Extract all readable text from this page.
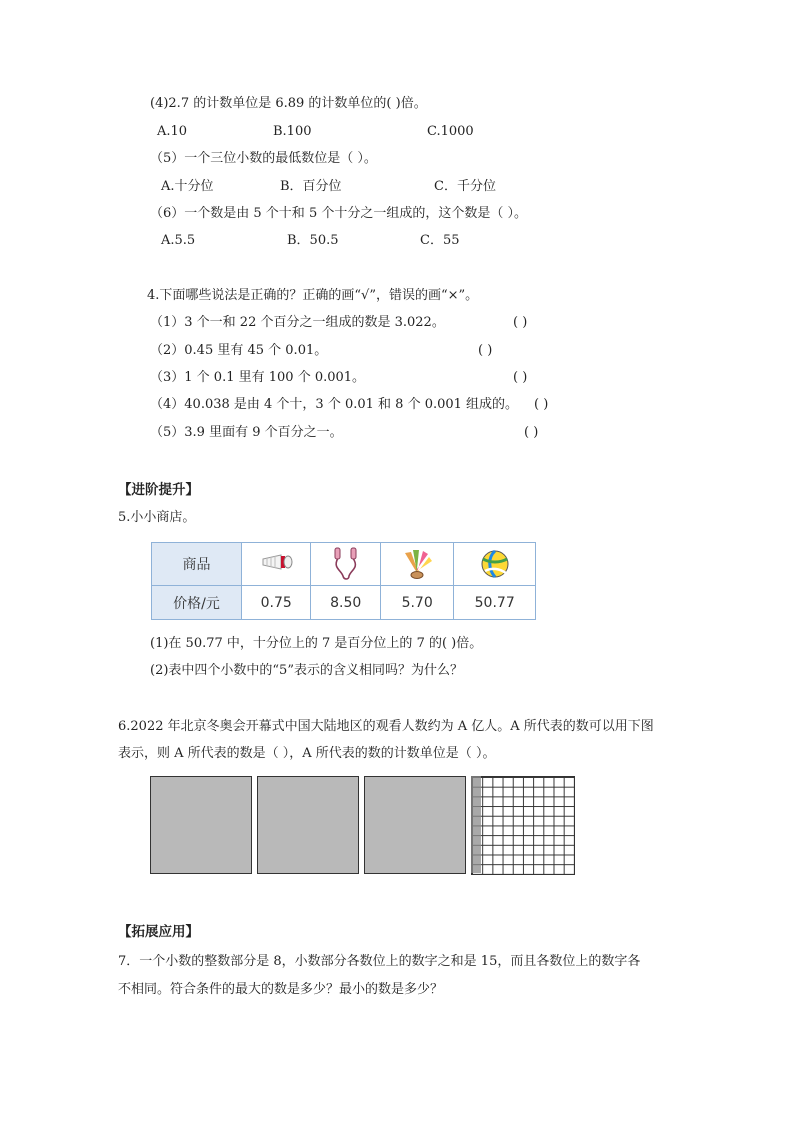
(4)2.7 的计数单位是 6.89 的计数单位的( )倍。
A.10	B.100	C.1000
（5）一个三位小数的最低数位是（ ）。
A.十分位	B．百分位	C．千分位
（6）一个数是由 5 个十和 5 个十分之一组成的，这个数是（ ）。
A.5.5	B．50.5	C．55
4.下面哪些说法是正确的？正确的画“√”，错误的画“×”。
（1）3 个一和 22 个百分之一组成的数是 3.022。	( )
（2）0.45 里有 45 个 0.01。	( )
（3）1 个 0.1 里有 100 个 0.001。	( )
（4）40.038 是由 4 个十，3 个 0.01 和 8 个 0.001 组成的。 ( )
（5）3.9 里面有 9 个百分之一。	( )
【进阶提升】
5.小小商店。
商品				
价格/元	0.75	8.50	5.70	50.77
(1)在 50.77 中，十分位上的 7 是百分位上的 7 的( )倍。
(2)表中四个小数中的“5”表示的含义相同吗？为什么？
6.2022 年北京冬奥会开幕式中国大陆地区的观看人数约为 A 亿人。A 所代表的数可以用下图
表示，则 A 所代表的数是（ ），A 所代表的数的计数单位是（ ）。
【拓展应用】
7．一个小数的整数部分是 8，小数部分各数位上的数字之和是 15，而且各数位上的数字各
不相同。符合条件的最大的数是多少？最小的数是多少？
